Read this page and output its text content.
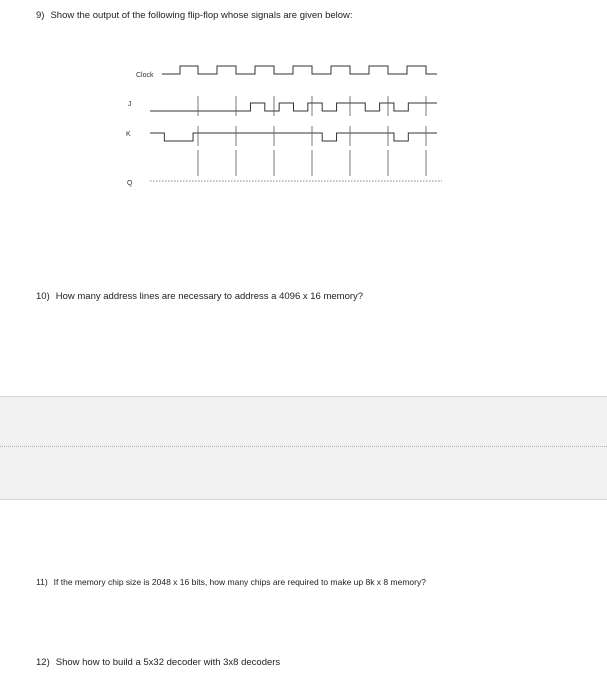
9) Show the output of the following flip-flop whose signals are given below:
Clock
J
K
Q
10) How many address lines are necessary to address a 4096 x 16 memory?
11) If the memory chip size is 2048 x 16 bits, how many chips are required to make up 8k x 8 memory?
12) Show how to build a 5x32 decoder with 3x8 decoders
